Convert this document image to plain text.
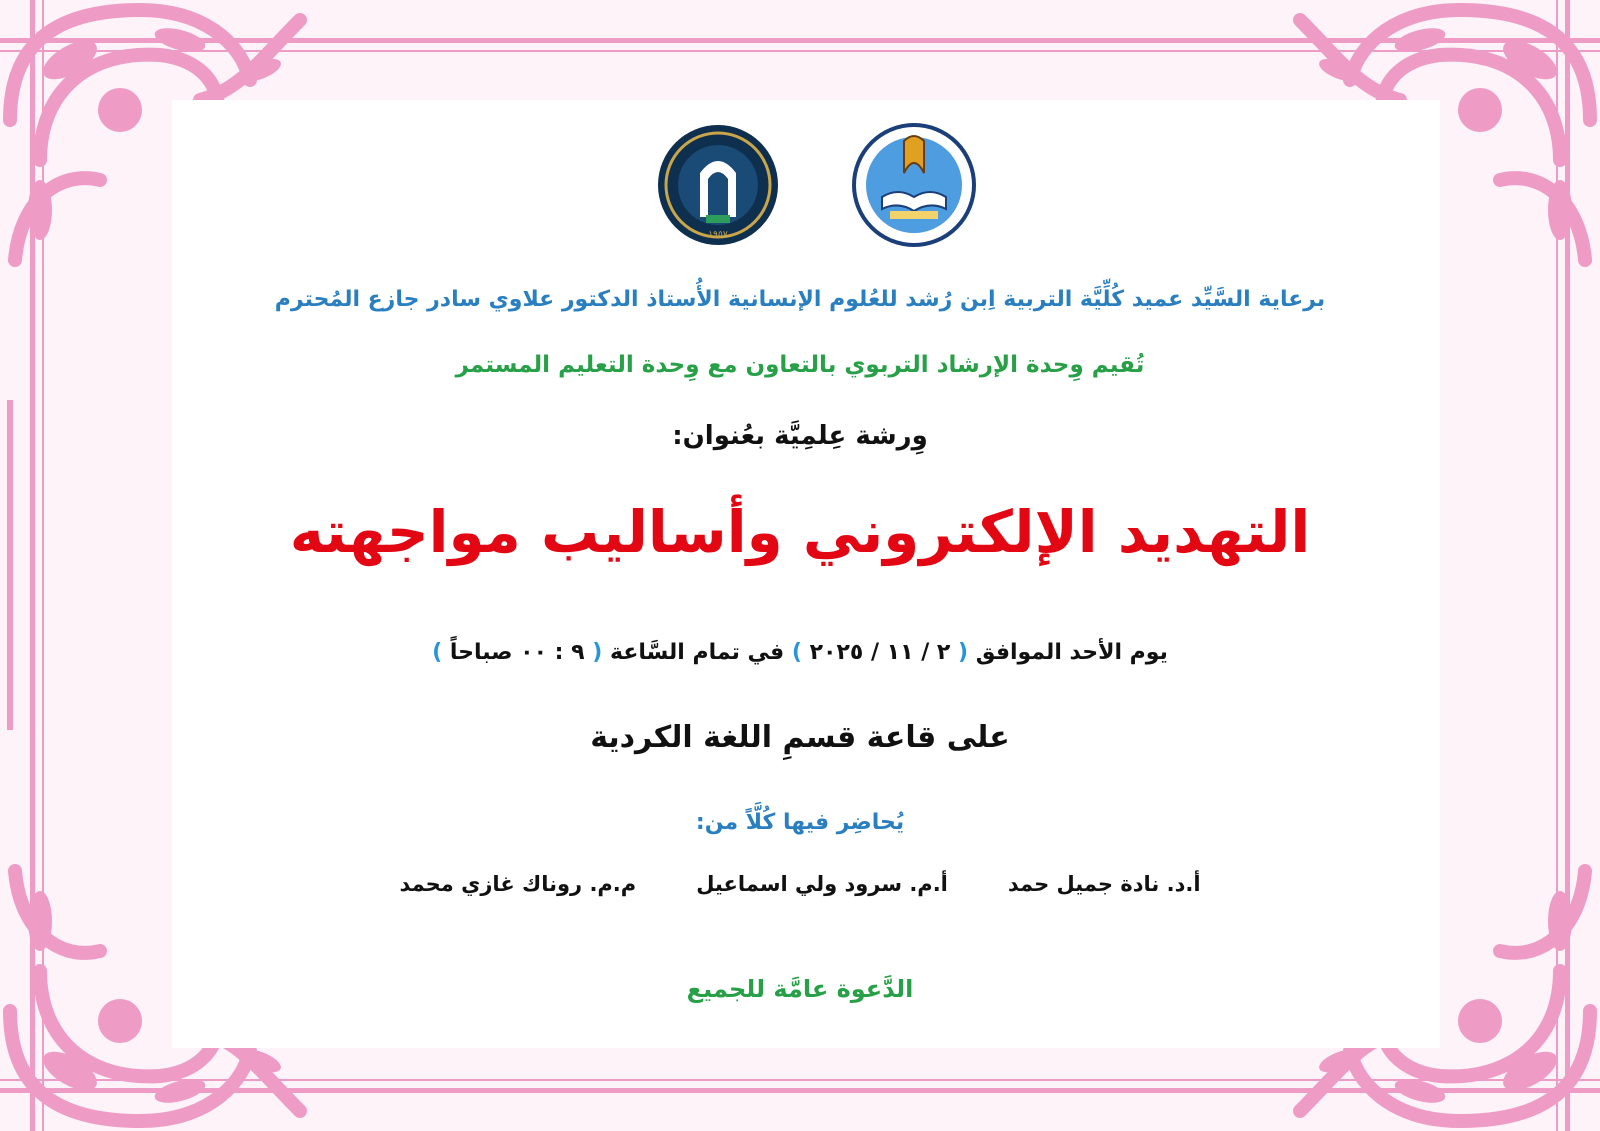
١٩٥٧
برعاية السَّيِّد عميد كُلِّيَّة التربية اِبن رُشد للعُلوم الإنسانية الأُستاذ الدكتور علاوي سادر جازع المُحترم
تُقيم وِحدة الإرشاد التربوي بالتعاون مع وِحدة التعليم المستمر
وِرشة عِلمِيَّة بعُنوان:
التهديد الإلكتروني وأساليب مواجهته
يوم الأحد الموافق ( ٢ / ١١ / ٢٠٢٥ ) في تمام السَّاعة ( ٩ : ٠٠ صباحاً )
على قاعة قسمِ اللغة الكردية
يُحاضِر فيها كُلَّاً من:
أ.د. نادة جميل حمد
أ.م. سرود ولي اسماعيل
م.م. روناك غازي محمد
الدَّعوة عامَّة للجميع
